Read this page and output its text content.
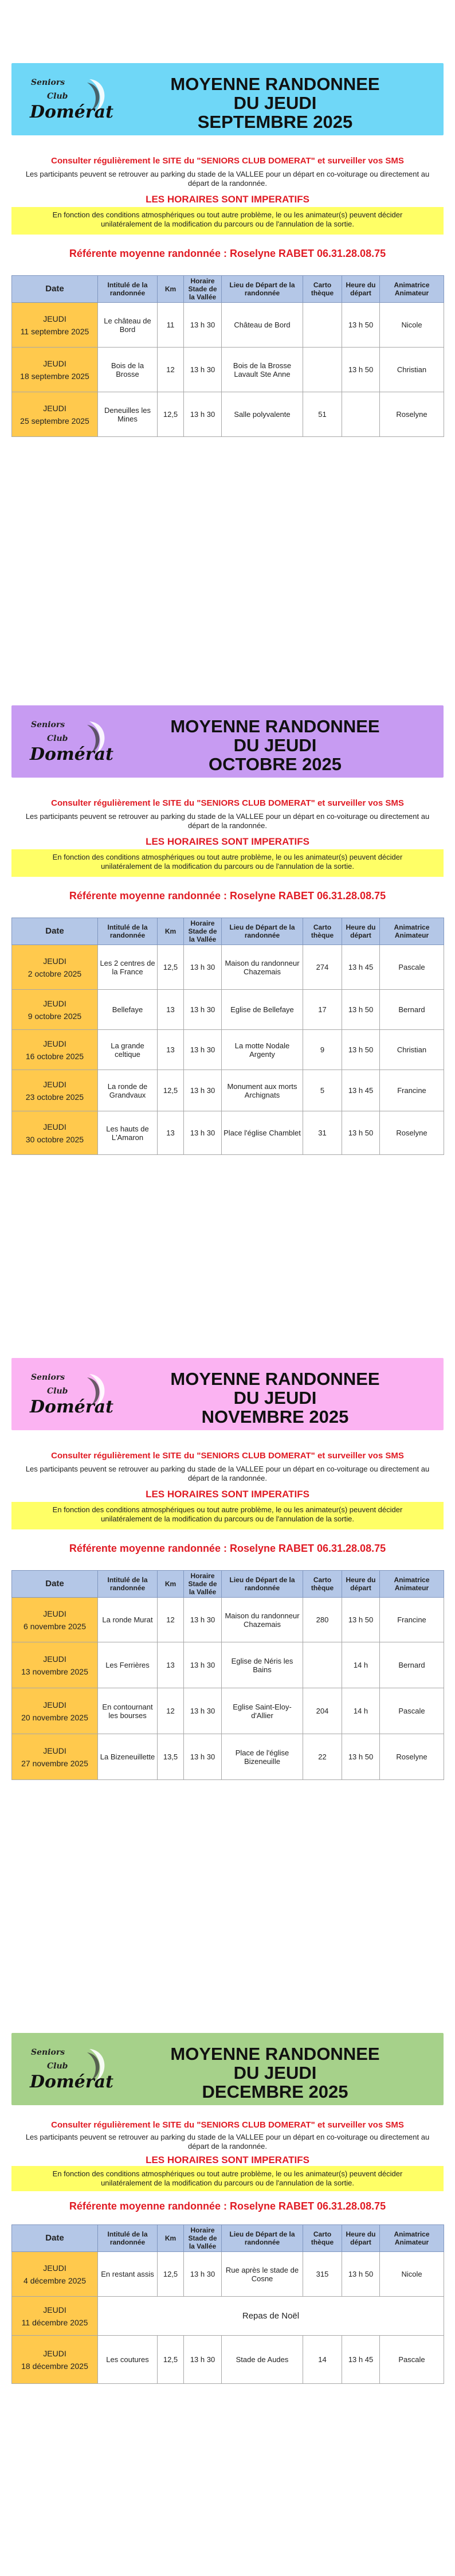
Seniors
Club
Domérat
MOYENNE RANDONNEE
DU JEUDI
SEPTEMBRE 2025
Consulter régulièrement le SITE du "SENIORS CLUB DOMERAT" et surveiller vos SMS
Les participants peuvent se retrouver au parking du stade de la VALLEE pour un départ en co-voiturage ou directement au départ de la randonnée.
LES HORAIRES SONT IMPERATIFS
En fonction des conditions atmosphériques ou tout autre problème, le ou les animateur(s) peuvent décider unilatéralement de la modification du parcours ou de l'annulation de la sortie.
Référente moyenne randonnée : Roselyne RABET 06.31.28.08.75
Date	Intitulé de la randonnée	Km	Horaire Stade de la Vallée	Lieu de Départ de la randonnée	Carto thèque	Heure du départ	Animatrice Animateur

JEUDI
11 septembre 2025	Le château de Bord	11	13 h 30	Château de Bord		13 h 50	Nicole

JEUDI
18 septembre 2025	Bois de la Brosse	12	13 h 30	Bois de la Brosse Lavault Ste Anne		13 h 50	Christian

JEUDI
25 septembre 2025	Deneuilles les Mines	12,5	13 h 30	Salle polyvalente	51		Roselyne
Seniors
Club
Domérat
MOYENNE RANDONNEE
DU JEUDI
OCTOBRE 2025
Consulter régulièrement le SITE du "SENIORS CLUB DOMERAT" et surveiller vos SMS
Les participants peuvent se retrouver au parking du stade de la VALLEE pour un départ en co-voiturage ou directement au départ de la randonnée.
LES HORAIRES SONT IMPERATIFS
En fonction des conditions atmosphériques ou tout autre problème, le ou les animateur(s) peuvent décider unilatéralement de la modification du parcours ou de l'annulation de la sortie.
Référente moyenne randonnée : Roselyne RABET 06.31.28.08.75
Date	Intitulé de la randonnée	Km	Horaire Stade de la Vallée	Lieu de Départ de la randonnée	Carto thèque	Heure du départ	Animatrice Animateur

JEUDI
2 octobre 2025	Les 2 centres de la France	12,5	13 h 30	Maison du randonneur Chazemais	274	13 h 45	Pascale

JEUDI
9 octobre 2025	Bellefaye	13	13 h 30	Eglise de Bellefaye	17	13 h 50	Bernard

JEUDI
16 octobre 2025	La grande celtique	13	13 h 30	La motte Nodale Argenty	9	13 h 50	Christian

JEUDI
23 octobre 2025	La ronde de Grandvaux	12,5	13 h 30	Monument aux morts Archignats	5	13 h 45	Francine

JEUDI
30 octobre 2025	Les hauts de L'Amaron	13	13 h 30	Place l'église Chamblet	31	13 h 50	Roselyne
Seniors
Club
Domérat
MOYENNE RANDONNEE
DU JEUDI
NOVEMBRE 2025
Consulter régulièrement le SITE du "SENIORS CLUB DOMERAT" et surveiller vos SMS
Les participants peuvent se retrouver au parking du stade de la VALLEE pour un départ en co-voiturage ou directement au départ de la randonnée.
LES HORAIRES SONT IMPERATIFS
En fonction des conditions atmosphériques ou tout autre problème, le ou les animateur(s) peuvent décider unilatéralement de la modification du parcours ou de l'annulation de la sortie.
Référente moyenne randonnée : Roselyne RABET 06.31.28.08.75
Date	Intitulé de la randonnée	Km	Horaire Stade de la Vallée	Lieu de Départ de la randonnée	Carto thèque	Heure du départ	Animatrice Animateur

JEUDI
6 novembre 2025	La ronde Murat	12	13 h 30	Maison du randonneur Chazemais	280	13 h 50	Francine

JEUDI
13 novembre 2025	Les Ferrières	13	13 h 30	Eglise de Néris les Bains		14 h	Bernard

JEUDI
20 novembre 2025	En contournant les bourses	12	13 h 30	Eglise Saint-Eloy-d'Allier	204	14 h	Pascale

JEUDI
27 novembre 2025	La Bizeneuillette	13,5	13 h 30	Place de l'église Bizeneuille	22	13 h 50	Roselyne
Seniors
Club
Domérat
MOYENNE RANDONNEE
DU JEUDI
DECEMBRE 2025
Consulter régulièrement le SITE du "SENIORS CLUB DOMERAT" et surveiller vos SMS
Les participants peuvent se retrouver au parking du stade de la VALLEE pour un départ en co-voiturage ou directement au départ de la randonnée.
LES HORAIRES SONT IMPERATIFS
En fonction des conditions atmosphériques ou tout autre problème, le ou les animateur(s) peuvent décider unilatéralement de la modification du parcours ou de l'annulation de la sortie.
Référente moyenne randonnée : Roselyne RABET 06.31.28.08.75
Date	Intitulé de la randonnée	Km	Horaire Stade de la Vallée	Lieu de Départ de la randonnée	Carto thèque	Heure du départ	Animatrice Animateur

JEUDI
4 décembre 2025	En restant assis	12,5	13 h 30	Rue après le stade de Cosne	315	13 h 50	Nicole

JEUDI
11 décembre 2025	Repas de Noël						

JEUDI
18 décembre 2025	Les coutures	12,5	13 h 30	Stade de Audes	14	13 h 45	Pascale
